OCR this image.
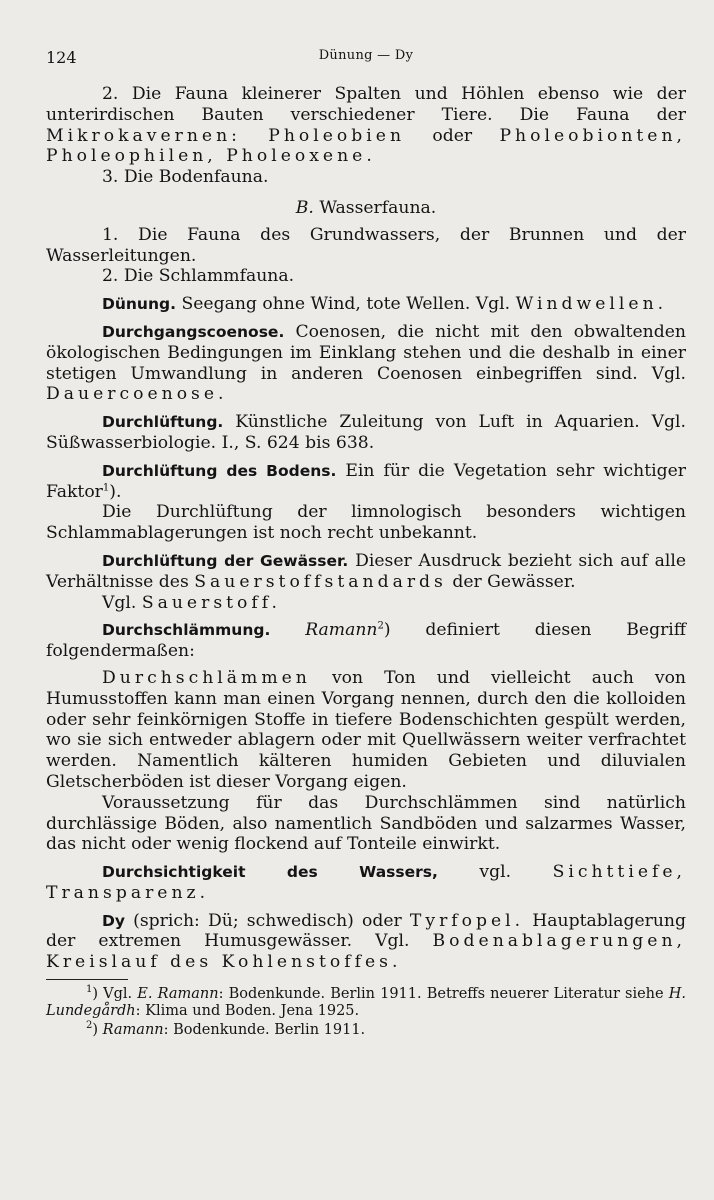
124	Dünung — Dy

2. Die Fauna kleinerer Spalten und Höhlen ebenso wie der unterirdischen Bauten verschiedener Tiere. Die Fauna der Mikrokavernen: Pholeobien oder Pholeobionten, Pholeophilen, Pholeoxene.

3. Die Bodenfauna.

B. Wasserfauna.

1. Die Fauna des Grundwassers, der Brunnen und der Wasserleitungen.

2. Die Schlammfauna.

Dünung. Seegang ohne Wind, tote Wellen. Vgl. Windwellen.

Durchgangscoenose. Coenosen, die nicht mit den obwaltenden ökologischen Bedingungen im Einklang stehen und die deshalb in einer stetigen Umwandlung in anderen Coenosen einbegriffen sind. Vgl. Dauercoenose.

Durchlüftung. Künstliche Zuleitung von Luft in Aquarien. Vgl. Süßwasserbiologie. I., S. 624 bis 638.

Durchlüftung des Bodens. Ein für die Vegetation sehr wichtiger Faktor$^1$).

Die Durchlüftung der limnologisch besonders wichtigen Schlammablagerungen ist noch recht unbekannt.

Durchlüftung der Gewässer. Dieser Ausdruck bezieht sich auf alle Verhältnisse des Sauerstoffstandards der Gewässer.

Vgl. Sauerstoff.

Durchschlämmung. Ramann$^2$) definiert diesen Begriff folgendermaßen:

Durchschlämmen von Ton und vielleicht auch von Humusstoffen kann man einen Vorgang nennen, durch den die kolloiden oder sehr feinkörnigen Stoffe in tiefere Bodenschichten gespült werden, wo sie sich entweder ablagern oder mit Quellwässern weiter verfrachtet werden. Namentlich kälteren humiden Gebieten und diluvialen Gletscherböden ist dieser Vorgang eigen.

Voraussetzung für das Durchschlämmen sind natürlich durchlässige Böden, also namentlich Sandböden und salzarmes Wasser, das nicht oder wenig flockend auf Tonteile einwirkt.

Durchsichtigkeit des Wassers, vgl. Sichttiefe, Transparenz.

Dy (sprich: Dü; schwedisch) oder Tyrfopel. Hauptablagerung der extremen Humusgewässer. Vgl. Bodenablagerungen, Kreislauf des Kohlenstoffes.

$^1$) Vgl. E. Ramann: Bodenkunde. Berlin 1911. Betreffs neuerer Literatur siehe H. Lundegårdh: Klima und Boden. Jena 1925.

$^2$) Ramann: Bodenkunde. Berlin 1911.
